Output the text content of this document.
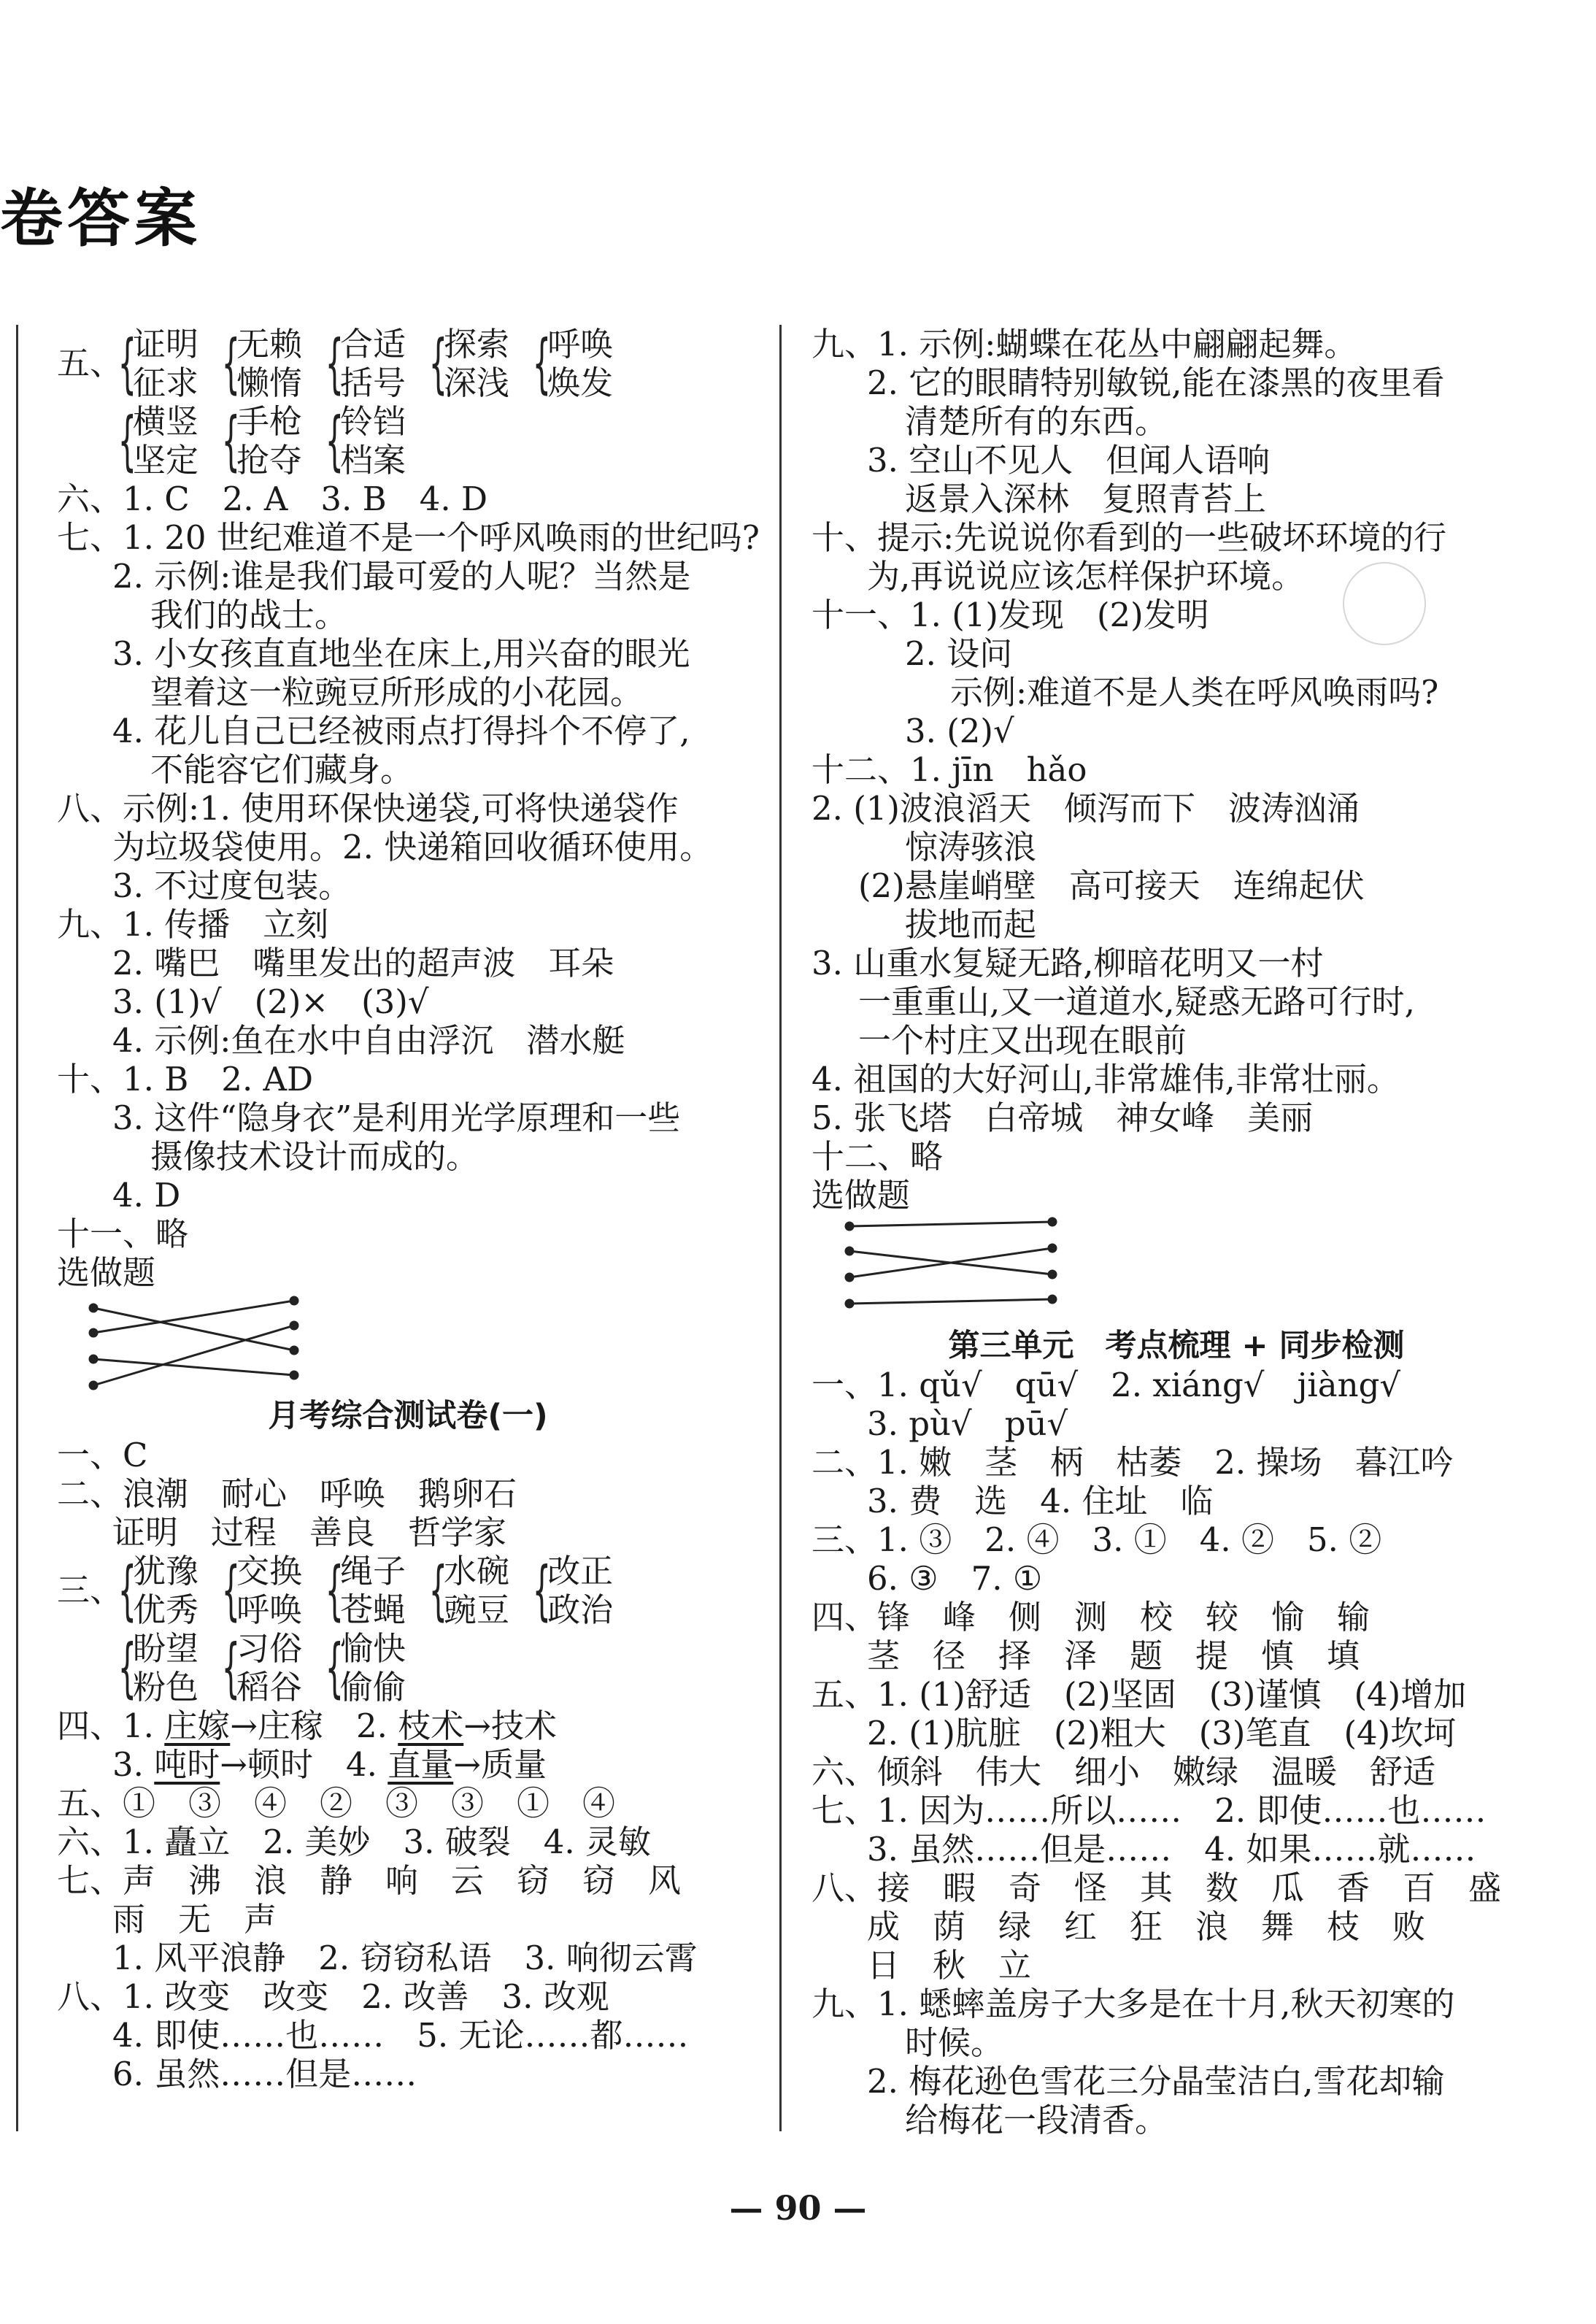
卷答案
五、
{
证明
征求 {
无赖
懒惰 {
合适
括号 {
探索
深浅 {
呼唤
焕发
{
横竖
坚定 {
手枪
抢夺 {
铃铛
档案
六、1. C　2. A　3. B　4. D
七、1. 20 世纪难道不是一个呼风唤雨的世纪吗?
2. 示例:谁是我们最可爱的人呢？当然是
我们的战士。
3. 小女孩直直地坐在床上,用兴奋的眼光
望着这一粒豌豆所形成的小花园。
4. 花儿自己已经被雨点打得抖个不停了,
不能容它们藏身。
八、示例:1. 使用环保快递袋,可将快递袋作
为垃圾袋使用。2. 快递箱回收循环使用。
3. 不过度包装。
九、1. 传播　立刻
2. 嘴巴　嘴里发出的超声波　耳朵
3. (1)√　(2)×　(3)√
4. 示例:鱼在水中自由浮沉　潜水艇
十、1. B　2. AD
3. 这件“隐身衣”是利用光学原理和一些
摄像技术设计而成的。
4. D
十一、略
选做题
月考综合测试卷(一)
一、C
二、浪潮　耐心　呼唤　鹅卵石
证明　过程　善良　哲学家
三、
{
犹豫
优秀 {
交换
呼唤 {
绳子
苍蝇 {
水碗
豌豆 {
改正
政治
{
盼望
粉色 {
习俗
稻谷 {
愉快
偷偷
四、1. 庄嫁→庄稼　2. 枝术→技术
3. 吨时→顿时　4. 直量→质量
五、①　③　④　②　③　③　①　④
六、1. 矗立　2. 美妙　3. 破裂　4. 灵敏
七、声　沸　浪　静　响　云　窃　窃　风
雨　无　声
1. 风平浪静　2. 窃窃私语　3. 响彻云霄
八、1. 改变　改变　2. 改善　3. 改观
4. 即使……也……　5. 无论……都……
6. 虽然……但是……
九、1. 示例:蝴蝶在花丛中翩翩起舞。
2. 它的眼睛特别敏锐,能在漆黑的夜里看
清楚所有的东西。
3. 空山不见人　但闻人语响
返景入深林　复照青苔上
十、提示:先说说你看到的一些破坏环境的行
为,再说说应该怎样保护环境。
十一、1. (1)发现　(2)发明
2. 设问
示例:难道不是人类在呼风唤雨吗?
3. (2)√
十二、1. jīn　hǎo
2. (1)波浪滔天　倾泻而下　波涛汹涌
惊涛骇浪
(2)悬崖峭壁　高可接天　连绵起伏
拔地而起
3. 山重水复疑无路,柳暗花明又一村
一重重山,又一道道水,疑惑无路可行时,
一个村庄又出现在眼前
4. 祖国的大好河山,非常雄伟,非常壮丽。
5. 张飞塔　白帝城　神女峰　美丽
十二、略
选做题
第三单元　考点梳理 + 同步检测
一、1. qǔ√　qū√　2. xiáng√　jiàng√
3. pù√　pū√
二、1. 嫩　茎　柄　枯萎　2. 操场　暮江吟
3. 费　选　4. 住址　临
三、1. ③　2. ④　3. ①　4. ②　5. ②
6. ③　7. ①
四、锋　峰　侧　测　校　较　愉　输
茎　径　择　泽　题　提　慎　填
五、1. (1)舒适　(2)坚固　(3)谨慎　(4)增加
2. (1)肮脏　(2)粗大　(3)笔直　(4)坎坷
六、倾斜　伟大　细小　嫩绿　温暖　舒适
七、1. 因为……所以……　2. 即使……也……
3. 虽然……但是……　4. 如果……就……
八、接　暇　奇　怪　其　数　瓜　香　百　盛
成　荫　绿　红　狂　浪　舞　枝　败
日　秋　立
九、1. 蟋蟀盖房子大多是在十月,秋天初寒的
时候。
2. 梅花逊色雪花三分晶莹洁白,雪花却输
给梅花一段清香。
— 90 —
